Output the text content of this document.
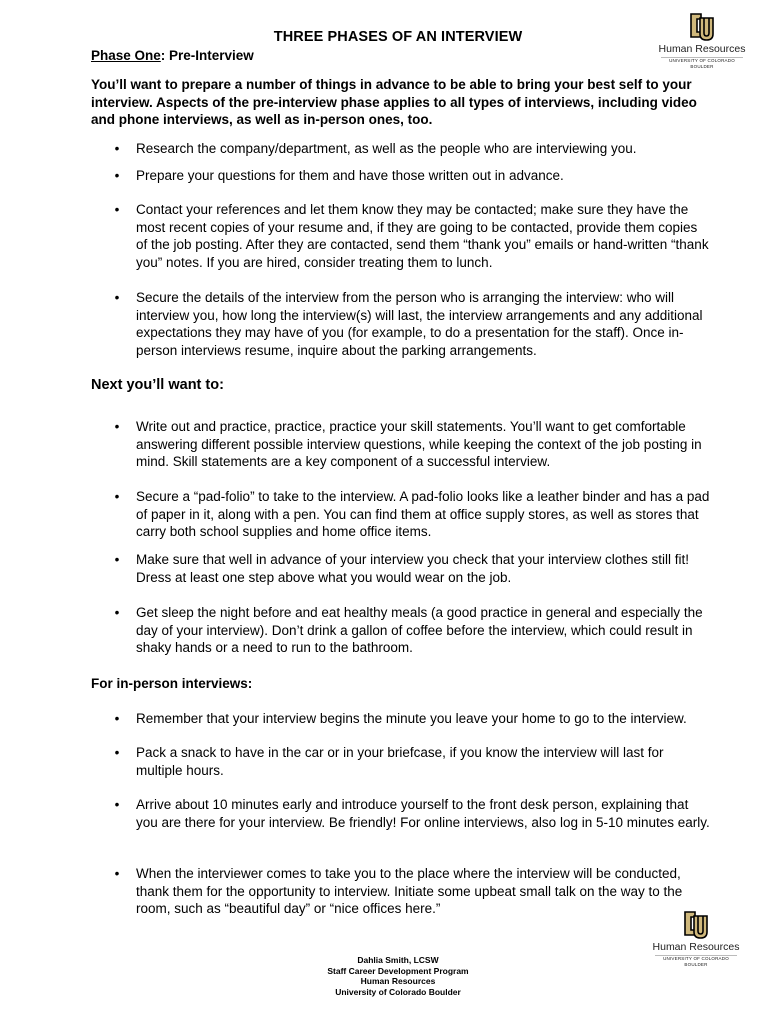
Human Resources
UNIVERSITY OF COLORADO BOULDER
THREE PHASES OF AN INTERVIEW
Phase One: Pre-Interview
You’ll want to prepare a number of things in advance to be able to bring your best self to your interview. Aspects of the pre-interview phase applies to all types of interviews, including video and phone interviews, as well as in-person ones, too.
• Research the company/department, as well as the people who are interviewing you.
• Prepare your questions for them and have those written out in advance.
• Contact your references and let them know they may be contacted; make sure they have the most recent copies of your resume and, if they are going to be contacted, provide them copies of the job posting. After they are contacted, send them “thank you” emails or hand-written “thank you” notes. If you are hired, consider treating them to lunch.
• Secure the details of the interview from the person who is arranging the interview: who will interview you, how long the interview(s) will last, the interview arrangements and any additional expectations they may have of you (for example, to do a presentation for the staff). Once in-person interviews resume, inquire about the parking arrangements.
Next you’ll want to:
• Write out and practice, practice, practice your skill statements. You’ll want to get comfortable answering different possible interview questions, while keeping the context of the job posting in mind. Skill statements are a key component of a successful interview.
• Secure a “pad-folio” to take to the interview. A pad-folio looks like a leather binder and has a pad of paper in it, along with a pen. You can find them at office supply stores, as well as stores that carry both school supplies and home office items.
• Make sure that well in advance of your interview you check that your interview clothes still fit! Dress at least one step above what you would wear on the job.
• Get sleep the night before and eat healthy meals (a good practice in general and especially the day of your interview). Don’t drink a gallon of coffee before the interview, which could result in shaky hands or a need to run to the bathroom.
For in-person interviews:
• Remember that your interview begins the minute you leave your home to go to the interview.
• Pack a snack to have in the car or in your briefcase, if you know the interview will last for multiple hours.
• Arrive about 10 minutes early and introduce yourself to the front desk person, explaining that you are there for your interview. Be friendly! For online interviews, also log in 5-10 minutes early.
• When the interviewer comes to take you to the place where the interview will be conducted, thank them for the opportunity to interview. Initiate some upbeat small talk on the way to the room, such as “beautiful day” or “nice offices here.”
Human Resources
UNIVERSITY OF COLORADO BOULDER
Dahlia Smith, LCSW
Staff Career Development Program
Human Resources
University of Colorado Boulder
